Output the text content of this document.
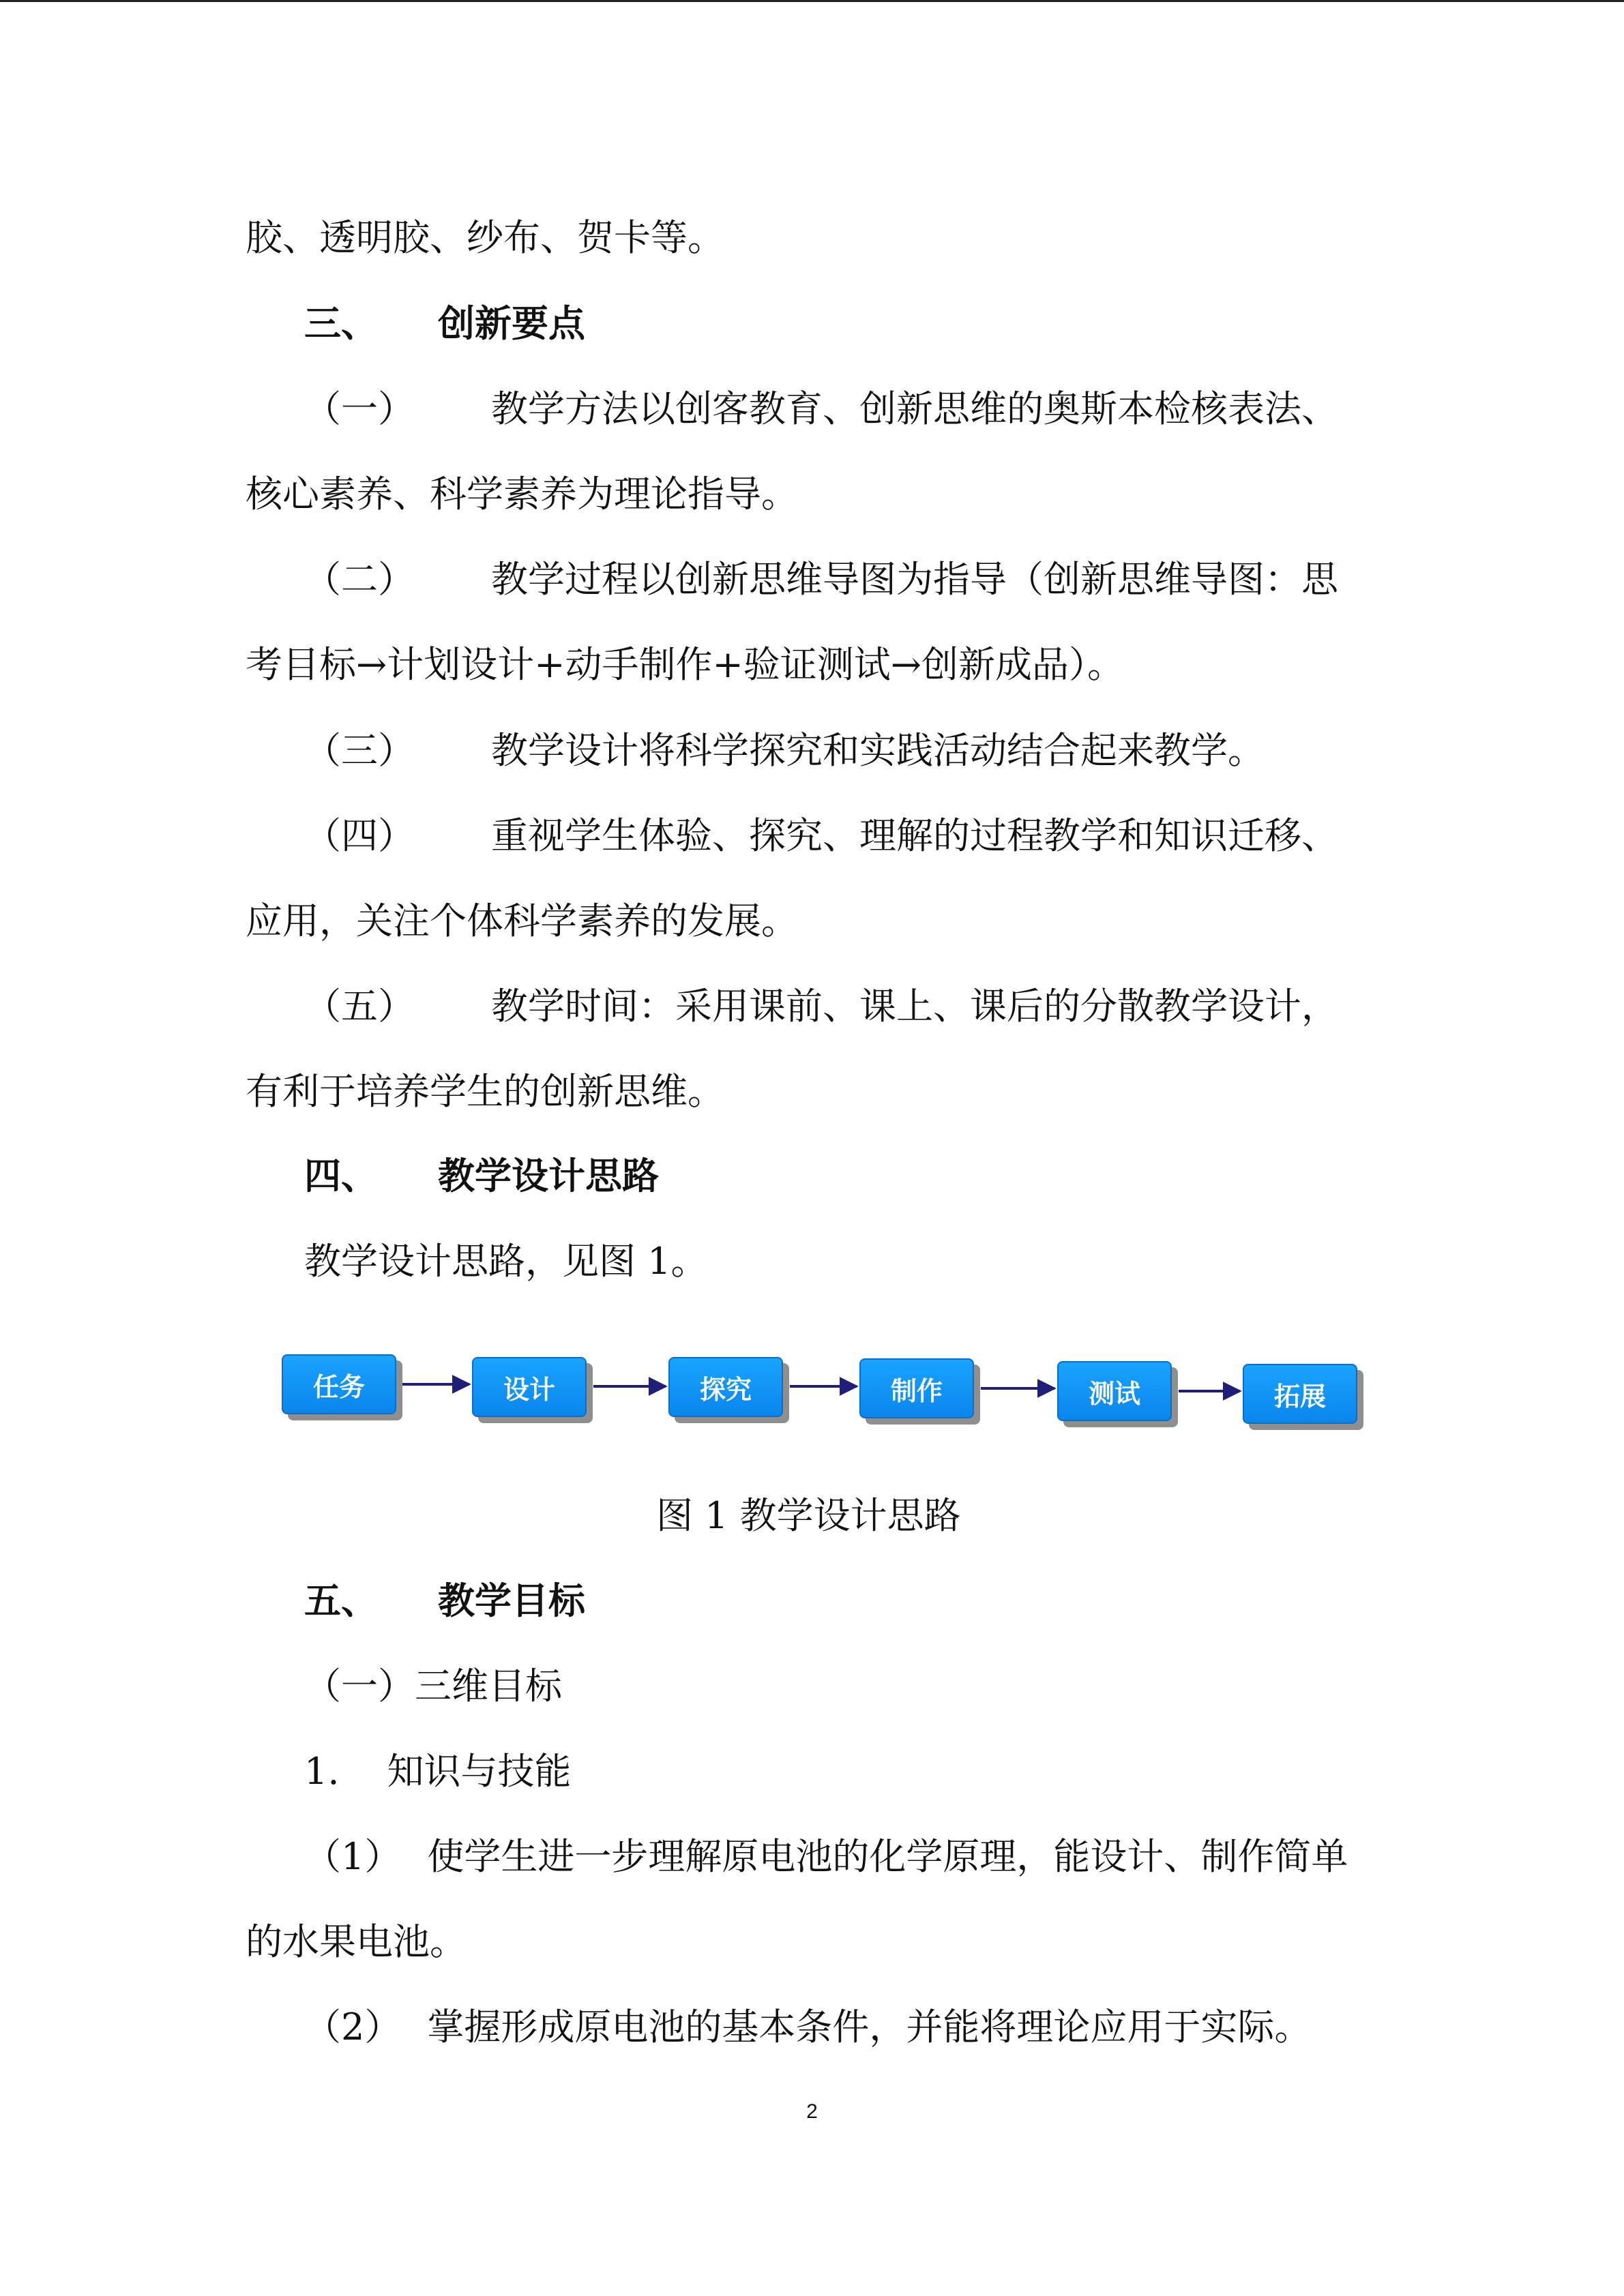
胶、透明胶、纱布、贺卡等。
三、 创新要点
（一） 教学方法以创客教育、创新思维的奥斯本检核表法、
核心素养、科学素养为理论指导。
（二） 教学过程以创新思维导图为指导（创新思维导图：思
考目标→计划设计+动手制作+验证测试→创新成品）。
（三） 教学设计将科学探究和实践活动结合起来教学。
（四） 重视学生体验、探究、理解的过程教学和知识迁移、
应用，关注个体科学素养的发展。
（五） 教学时间：采用课前、课上、课后的分散教学设计，
有利于培养学生的创新思维。
四、 教学设计思路
教学设计思路，见图 1。
任务	设计	探究	制作	测试	拓展
图 1 教学设计思路
五、 教学目标
（一）三维目标
1. 知识与技能
（1） 使学生进一步理解原电池的化学原理，能设计、制作简单
的水果电池。
（2） 掌握形成原电池的基本条件，并能将理论应用于实际。
2
